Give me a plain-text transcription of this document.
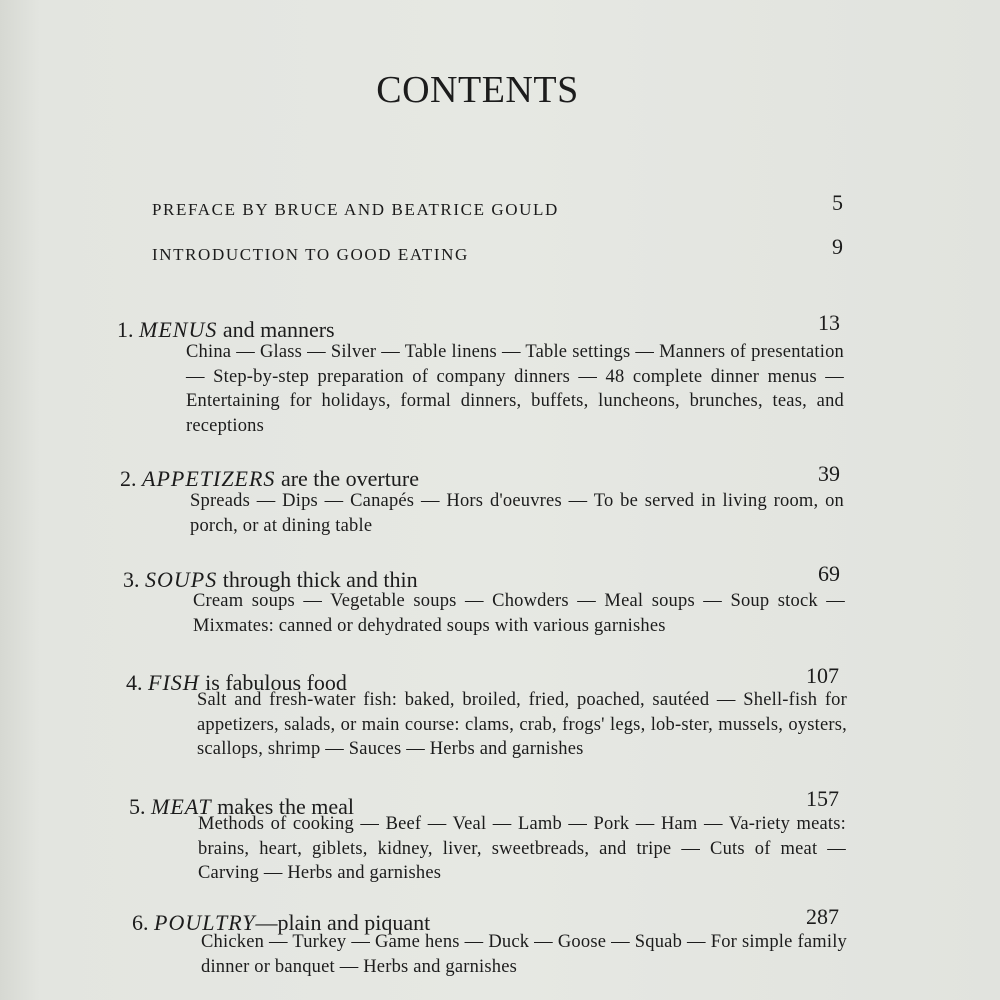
CONTENTS
PREFACE BY BRUCE AND BEATRICE GOULD	5
INTRODUCTION TO GOOD EATING	9
1. MENUS and manners	13
China — Glass — Silver — Table linens — Table settings — Manners of presentation — Step-by-step preparation of company dinners — 48 complete dinner menus — Entertaining for holidays, formal dinners, buffets, luncheons, brunches, teas, and receptions
2. APPETIZERS are the overture	39
Spreads — Dips — Canapés — Hors d'oeuvres — To be served in living room, on porch, or at dining table
3. SOUPS through thick and thin	69
Cream soups — Vegetable soups — Chowders — Meal soups — Soup stock — Mixmates: canned or dehydrated soups with various garnishes
4. FISH is fabulous food	107
Salt and fresh-water fish: baked, broiled, fried, poached, sautéed — Shell-fish for appetizers, salads, or main course: clams, crab, frogs' legs, lob-ster, mussels, oysters, scallops, shrimp — Sauces — Herbs and garnishes
5. MEAT makes the meal	157
Methods of cooking — Beef — Veal — Lamb — Pork — Ham — Va-riety meats: brains, heart, giblets, kidney, liver, sweetbreads, and tripe — Cuts of meat — Carving — Herbs and garnishes
6. POULTRY—plain and piquant	287
Chicken — Turkey — Game hens — Duck — Goose — Squab — For simple family dinner or banquet — Herbs and garnishes
